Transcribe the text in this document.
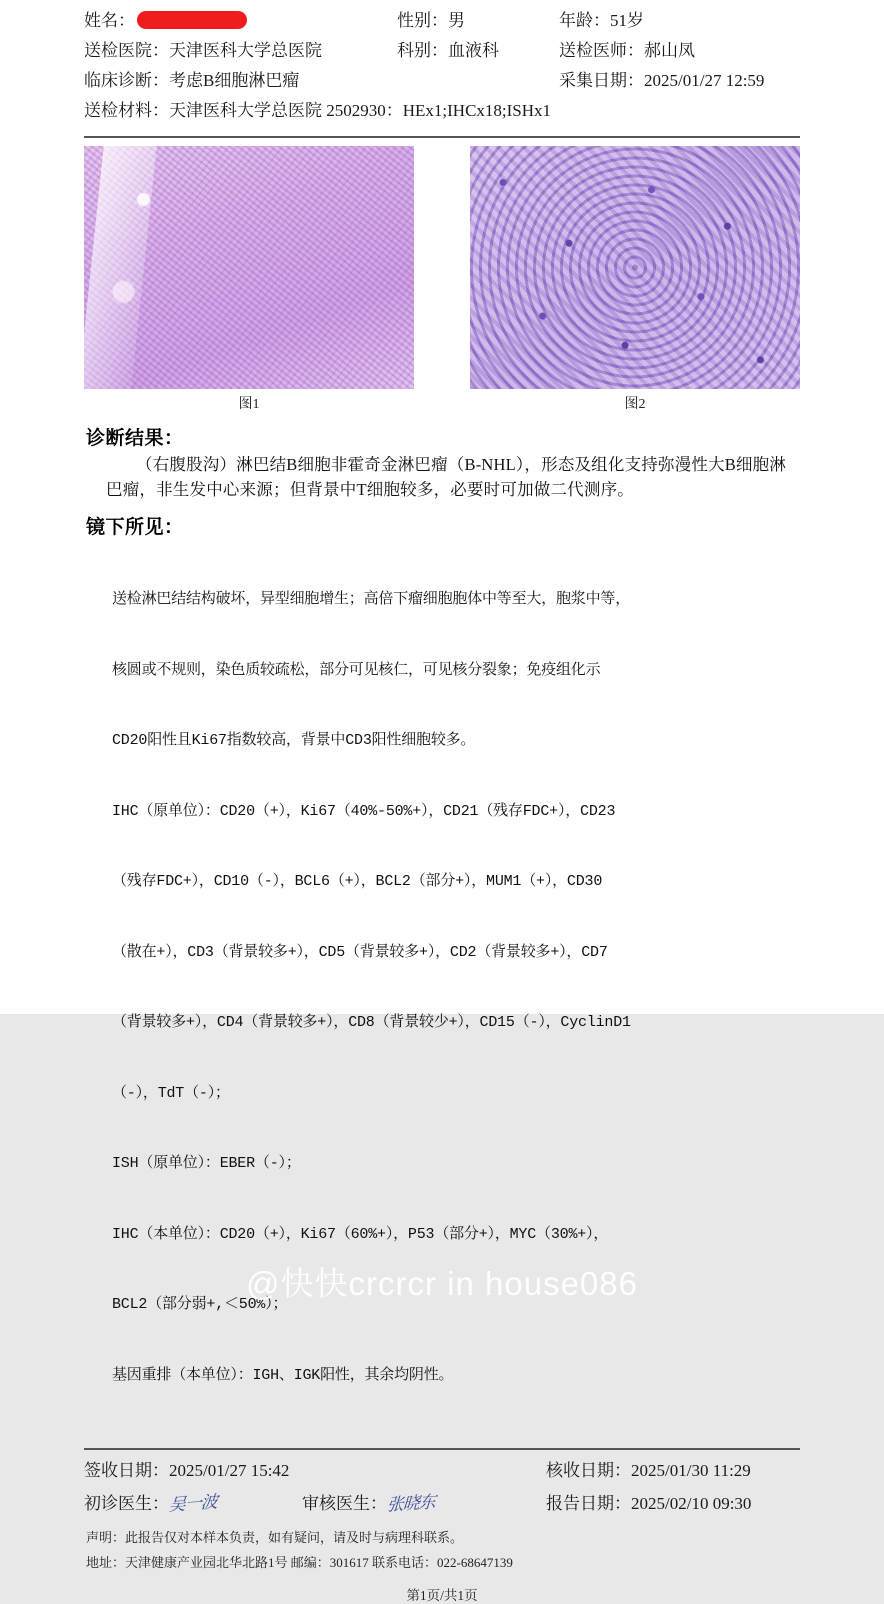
姓名：	性别：男	年龄：51岁
送检医院：天津医科大学总医院	科别：血液科	送检医师：郝山凤
临床诊断：考虑B细胞淋巴瘤	采集日期：2025/01/27 12:59
送检材料：天津医科大学总医院 2502930：HEx1;IHCx18;ISHx1
图1	图2
诊断结果：
（右腹股沟）淋巴结B细胞非霍奇金淋巴瘤（B-NHL），形态及组化支持弥漫性大B细胞淋巴瘤，非生发中心来源；但背景中T细胞较多，必要时可加做二代测序。
镜下所见：

送检淋巴结结构破坏，异型细胞增生；高倍下瘤细胞胞体中等至大，胞浆中等，

核圆或不规则，染色质较疏松，部分可见核仁，可见核分裂象；免疫组化示

CD20阳性且Ki67指数较高，背景中CD3阳性细胞较多。

IHC（原单位）：CD20（+），Ki67（40%-50%+），CD21（残存FDC+），CD23

（残存FDC+），CD10（-），BCL6（+），BCL2（部分+），MUM1（+），CD30

（散在+），CD3（背景较多+），CD5（背景较多+），CD2（背景较多+），CD7

（背景较多+），CD4（背景较多+），CD8（背景较少+），CD15（-），CyclinD1

（-），TdT（-）；

ISH（原单位）：EBER（-）；

IHC（本单位）：CD20（+），Ki67（60%+），P53（部分+），MYC（30%+），

BCL2（部分弱+,＜50%）；

基因重排（本单位）：IGH、IGK阳性，其余均阴性。

签收日期：2025/01/27 15:42	核收日期：2025/01/30 11:29
初诊医生：吴一波	审核医生：张晓东	报告日期：2025/02/10 09:30
声明：此报告仅对本样本负责，如有疑问，请及时与病理科联系。
地址：天津健康产业园北华北路1号 邮编：301617 联系电话：022-68647139
第1页/共1页
@快快crcrcr in house086
